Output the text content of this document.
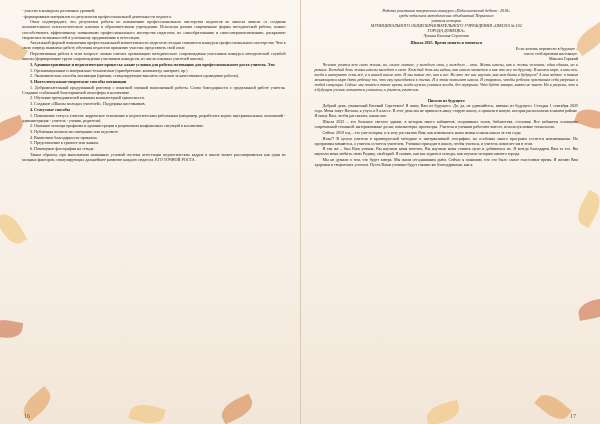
- участие в конкурсах различных уровней;

- формирование материалов по результатам профессиональной деятельности педагога.

Опыт подтверждает, что, результаты работы по повышению профессионального мастерства педагогов во многом зависят от создания положительного психологического климата в образовательном учреждении. Используя разные современные формы методической работы, можно способствовать эффективному повышению профессионального мастерства педагогов, их самообразованию и самосовершенствованию, раскрытию творческих возможностей и успешному продвижению в аттестации.

Актуальной формой повышения профессиональной компетентности педагогов сегодня становится конкурсы профессионального мастерства. Чем в свою очередь выявлено работу обучения педагогов принятию участия: представить свой опыт.

Перспективная работа в этом вопросе: можно считать организацию методического сопровождения участников конкурса методической службой школы (формирование групп сопровождения участников конкурсов, из числа опытных учителей школы).

3. Административные и педагогические процессы: какие условия для работы мотивации для профессионального роста учителя. Это:

1. Организационные и материально-технические (приобретение, компьютер, интернет, пр.)

2. Экономическая способы мотивации (премии, стимулирующие выплаты отпусков за качественное проведение работы).

3. Интеллектуально-творческие способы мотивации

1. Доброжелательный продуманный разговор с понятной оценкой выполненной работы. Слова благодарности о проделанной работе учителя. Создание стабильной благоприятной атмосферы в коллективе.

2. Обучение преподавателей навыкам компьютерной грамотности.

3. Создание «Школы молодых учителей». Поддержка наставников.

4. Статусные способы

1. Повышение статуса учителя: корректное отношение к педагогическим работникам (например, разработать кодекс внутришкольных отношений - администрация - учитель - ученик, родители).

2. Оказание помощи профкома и администрации в разрешении конфликтных ситуаций в коллективе.

3. Публичная похвала на совещании или педсовете.

4. Вынесение благодарности приказом.

5. Представление к грамоте или знакам.

6. Помещение фотографии на стенде.

Таким образом, при выполнении названных условий система аттестации педагогических кадров в школе может рассматриваться как один из мощных факторов, стимулирующих дальнейшее развитие каждого педагога. ЕГО ТОЧНОЙ РОСТА.

16
Работа участника творческого конкурса «Педагогический дебют - 2018»
среди педагогов методических объединений Пермского
учителя истории
МУНИЦИПАЛЬНОГО ОБЩЕОБРАЗОВАТЕЛЬНОГО УЧРЕЖДЕНИЯ «ШКОЛА № 102
ГОРОДА ДОНЕЦКА»
Лукина Евгения Сергеевна
Школа 2025. Время менять и меняться
Если хочешь перенести в будущее –
смело стой времени настоящее.
Максим Горький

Человек учится всю свою жизнь, но, самое главное, у каждого своя, у каждого – свои. Жизнь школы, как и жизнь человека, одна единая, но и разные. Каждый день жизнь школы выходит в свет. Каждый день мы видим, как школа меняется и как это все по-другому. В нашем мире, в наш век, когда в интернете есть всё, а в нашей школе нет. И мы такие же, как и все. Но кто же нас научит, как нам быть в будущем? А моя задача: в таком меняющемся мире дать ребенку то, что ему пригодится в жизни. И в этом помогает школа. Я стараюсь, чтобы ребенок чувствовал себя уверенно в любой ситуации. Сейчас мы живём в такое время, когда нужно учиться всегда, без перерыва. Что будет завтра, никто не знает. Но я уверена, что и в будущем ученик останется учеником, а учитель учителем.

Письмо из будущего

Добрый день, уважаемый Евгений Сергеевич! Я пишу Вам из будущего. Да, да, не удивляйтесь, именно из будущего. Сегодня 1 сентября 2025 года. Меня зовут Наташа, я учусь в 8 классе. В этот день мы не пришли в нашу старую школу, а пришли в новую, которая расположена в нашем районе. Я пишу Вам, чтобы рассказать, какая она.

Школа 2025 – это большое светлое здание, в котором много кабинетов, спортивных залов, библиотека, столовая. Все кабинеты оснащены современной техникой: интерактивные доски, компьютеры, проекторы. Учителя и ученики работают вместе, используя новые технологии.

Сейчас 2018 год – это уже история, и я хочу рассказать Вам, как изменилась наша жизнь и наша школа за эти годы.

Итак?! В целом учителя в краеведческой методике и интерактивной географии, но особенно много программ остается неизменными. Но программы меняются, а учитель остается учителем. Ученики приходят в школу, чтобы учиться, и учитель помогает им в этом.

Я так же – был Ваш ученик. Вы научили меня мечтать. Вы научили меня ставить цели и добиваться их. Я всегда благодарен Вам за это. Вы научили меня любить свою Родину, свой край. Я помню, как мы ходили в походы, как изучали историю нашего города.

Мы не думали о том, что будет завтра. Мы жили сегодняшним днём. Сейчас я понимаю, что это было самое счастливое время. Я желаю Вам здоровья и творческих успехов. Пусть Ваши ученики будут такими же благодарными, как я.

17
